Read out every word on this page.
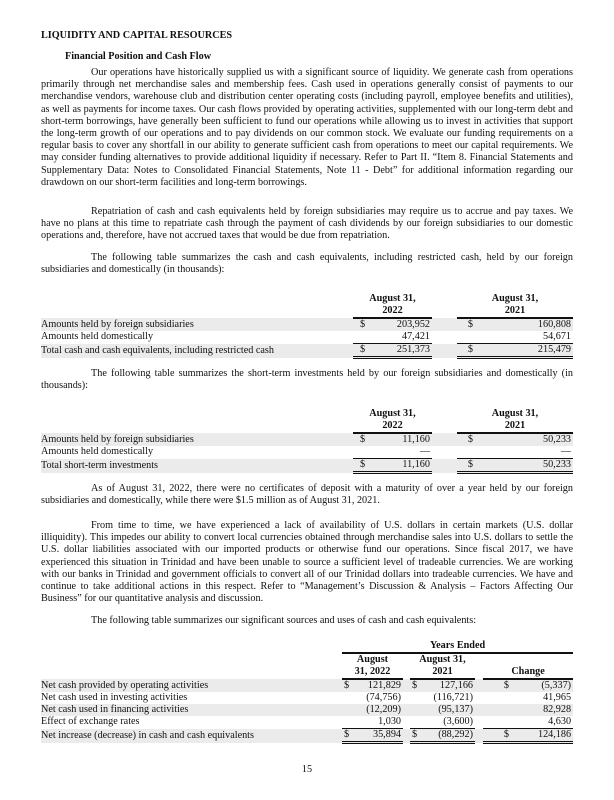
LIQUIDITY AND CAPITAL RESOURCES
Financial Position and Cash Flow

Our operations have historically supplied us with a significant source of liquidity. We generate cash from operations primarily through net merchandise sales and membership fees. Cash used in operations generally consist of payments to our merchandise vendors, warehouse club and distribution center operating costs (including payroll, employee benefits and utilities), as well as payments for income taxes. Our cash flows provided by operating activities, supplemented with our long-term debt and short-term borrowings, have generally been sufficient to fund our operations while allowing us to invest in activities that support the long-term growth of our operations and to pay dividends on our common stock. We evaluate our funding requirements on a regular basis to cover any shortfall in our ability to generate sufficient cash from operations to meet our capital requirements. We may consider funding alternatives to provide additional liquidity if necessary. Refer to Part II. “Item 8. Financial Statements and Supplementary Data: Notes to Consolidated Financial Statements, Note 11 - Debt” for additional information regarding our drawdown on our short-term facilities and long-term borrowings.

Repatriation of cash and cash equivalents held by foreign subsidiaries may require us to accrue and pay taxes. We have no plans at this time to repatriate cash through the payment of cash dividends by our foreign subsidiaries to our domestic operations and, therefore, have not accrued taxes that would be due from repatriation.

The following table summarizes the cash and cash equivalents, including restricted cash, held by our foreign subsidiaries and domestically (in thousands):

	August 31, 2022			August 31, 2021	
Amounts held by foreign subsidiaries	$	203,952		$	160,808
Amounts held domestically		47,421			54,671
Total cash and cash equivalents, including restricted cash	$	251,373		$	215,479

The following table summarizes the short-term investments held by our foreign subsidiaries and domestically (in thousands):

	August 31, 2022			August 31, 2021	
Amounts held by foreign subsidiaries	$	11,160		$	50,233
Amounts held domestically		—			—
Total short-term investments	$	11,160		$	50,233

As of August 31, 2022, there were no certificates of deposit with a maturity of over a year held by our foreign subsidiaries and domestically, while there were $1.5 million as of August 31, 2021.

From time to time, we have experienced a lack of availability of U.S. dollars in certain markets (U.S. dollar illiquidity). This impedes our ability to convert local currencies obtained through merchandise sales into U.S. dollars to settle the U.S. dollar liabilities associated with our imported products or otherwise fund our operations. Since fiscal 2017, we have experienced this situation in Trinidad and have been unable to source a sufficient level of tradeable currencies. We are working with our banks in Trinidad and government officials to convert all of our Trinidad dollars into tradeable currencies. We have and continue to take additional actions in this respect. Refer to “Management’s Discussion & Analysis – Factors Affecting Our Business” for our quantitative analysis and discussion.

The following table summarizes our significant sources and uses of cash and cash equivalents:

	Years Ended							
	August 31, 2022			August 31, 2021			Change	
Net cash provided by operating activities	$	121,829		$	127,166		$	(5,337)
Net cash used in investing activities		(74,756)			(116,721)			41,965
Net cash used in financing activities		(12,209)			(95,137)			82,928
Effect of exchange rates		1,030			(3,600)			4,630
Net increase (decrease) in cash and cash equivalents	$	35,894		$	(88,292)		$	124,186
15
